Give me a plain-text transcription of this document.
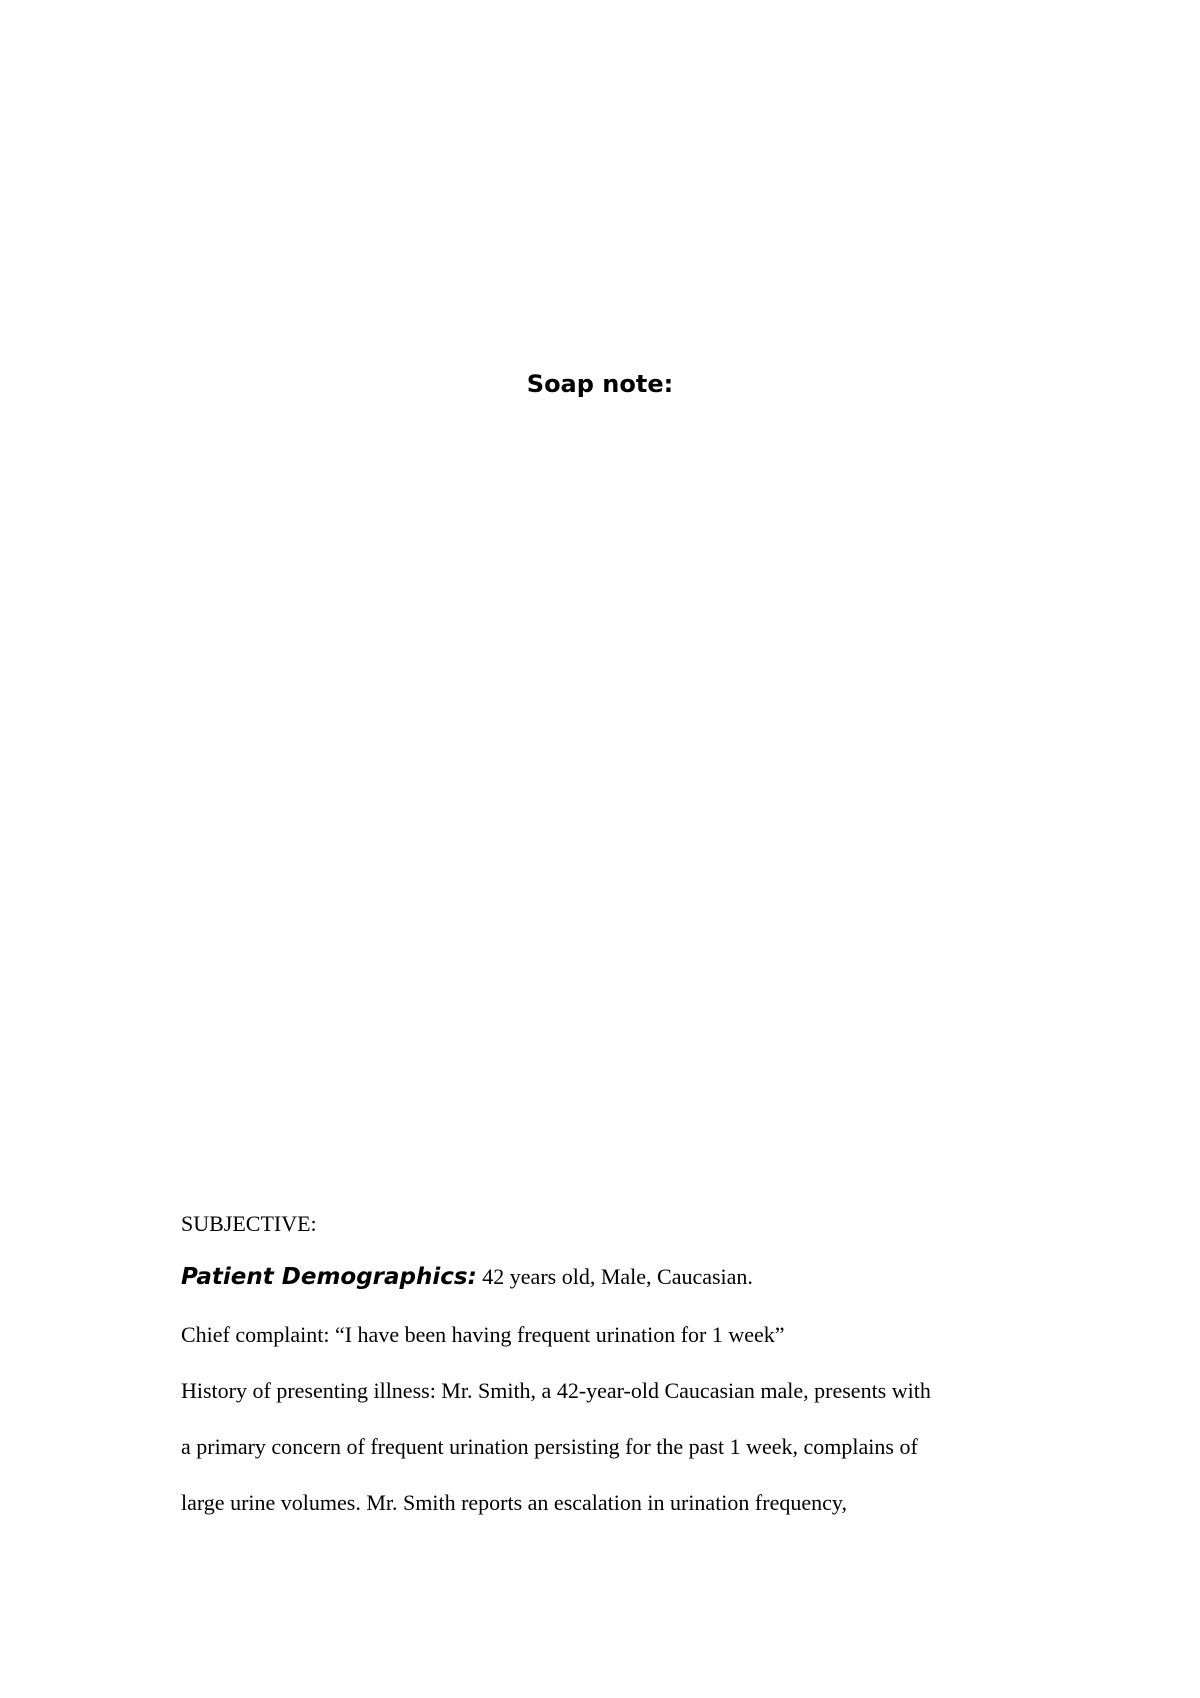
Soap note:
SUBJECTIVE:
Patient Demographics: 42 years old, Male, Caucasian.
Chief complaint: “I have been having frequent urination for 1 week”
History of presenting illness: Mr. Smith, a 42-year-old Caucasian male, presents with
a primary concern of frequent urination persisting for the past 1 week, complains of
large urine volumes. Mr. Smith reports an escalation in urination frequency,
